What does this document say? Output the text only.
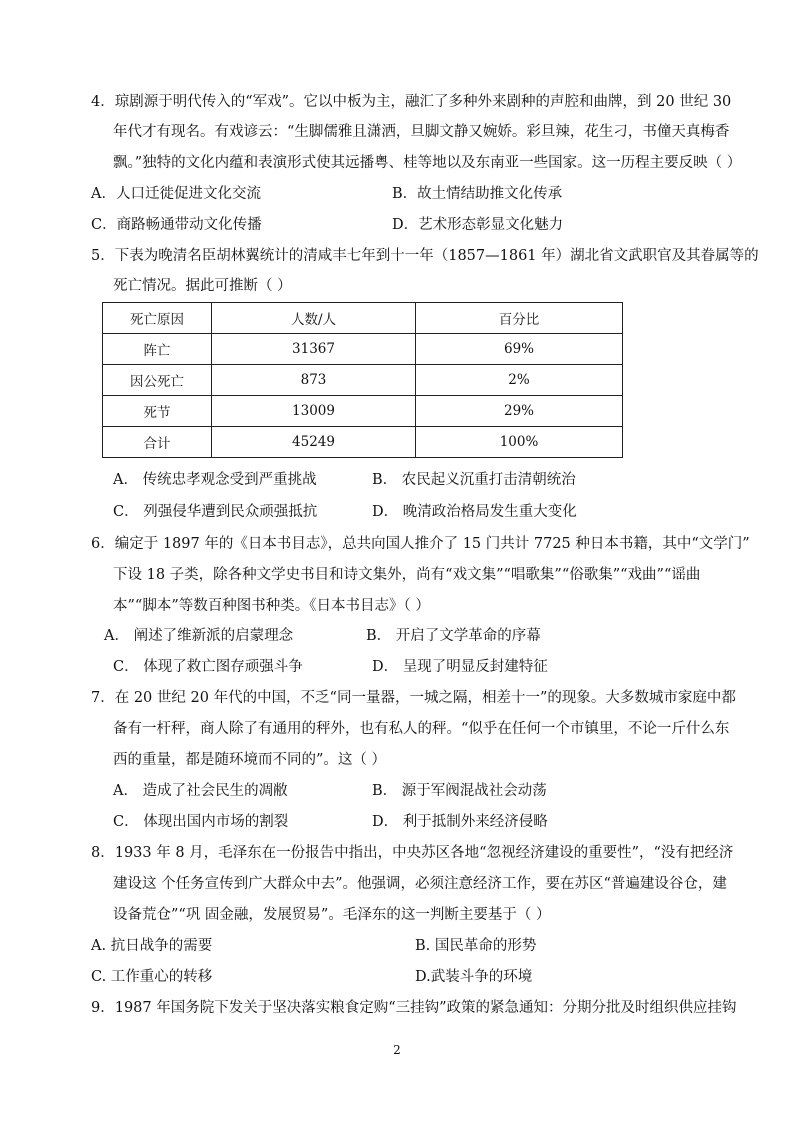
4．琼剧源于明代传入的“军戏”。它以中板为主，融汇了多种外来剧种的声腔和曲牌，到 20 世纪 30
年代才有现名。有戏谚云：“生脚儒雅且潇洒，旦脚文静又婉娇。彩旦辣，花生刁，书僮天真梅香
飘。”独特的文化内蕴和表演形式使其远播粤、桂等地以及东南亚一些国家。这一历程主要反映（ ）
A．人口迁徙促进文化交流	B．故土情结助推文化传承
C．商路畅通带动文化传播	D．艺术形态彰显文化魅力
5．下表为晚清名臣胡林翼统计的清咸丰七年到十一年（1857—1861 年）湖北省文武职官及其眷属等的
死亡情况。据此可推断（ ）
死亡原因	人数/人	百分比
阵亡	31367	69%
因公死亡	873	2%
死节	13009	29%
合计	45249	100%
A． 传统忠孝观念受到严重挑战	B． 农民起义沉重打击清朝统治
C． 列强侵华遭到民众顽强抵抗	D． 晚清政治格局发生重大变化
6．编定于 1897 年的《日本书目志》，总共向国人推介了 15 门共计 7725 种日本书籍，其中“文学门”
下设 18 子类，除各种文学史书目和诗文集外，尚有“戏文集”“唱歌集”“俗歌集”“戏曲”“谣曲
本”“脚本”等数百种图书种类。《日本书目志》（ ）
A． 阐述了维新派的启蒙理念	B． 开启了文学革命的序幕
C． 体现了救亡图存顽强斗争	D． 呈现了明显反封建特征
7．在 20 世纪 20 年代的中国，不乏“同一量器，一城之隔，相差十一”的现象。大多数城市家庭中都
备有一杆秤，商人除了有通用的秤外，也有私人的秤。“似乎在任何一个市镇里，不论一斤什么东
西的重量，都是随环境而不同的”。这（ ）
A． 造成了社会民生的凋敝	B． 源于军阀混战社会动荡
C． 体现出国内市场的割裂	D． 利于抵制外来经济侵略
8．1933 年 8 月，毛泽东在一份报告中指出，中央苏区各地“忽视经济建设的重要性”，“没有把经济
建设这 个任务宣传到广大群众中去”。他强调，必须注意经济工作，要在苏区“普遍建设谷仓，建
设备荒仓”“巩 固金融，发展贸易”。毛泽东的这一判断主要基于（ ）
A. 抗日战争的需要	B. 国民革命的形势
C. 工作重心的转移	D.武装斗争的环境
9．1987 年国务院下发关于坚决落实粮食定购“三挂钩”政策的紧急通知：分期分批及时组织供应挂钩
2
